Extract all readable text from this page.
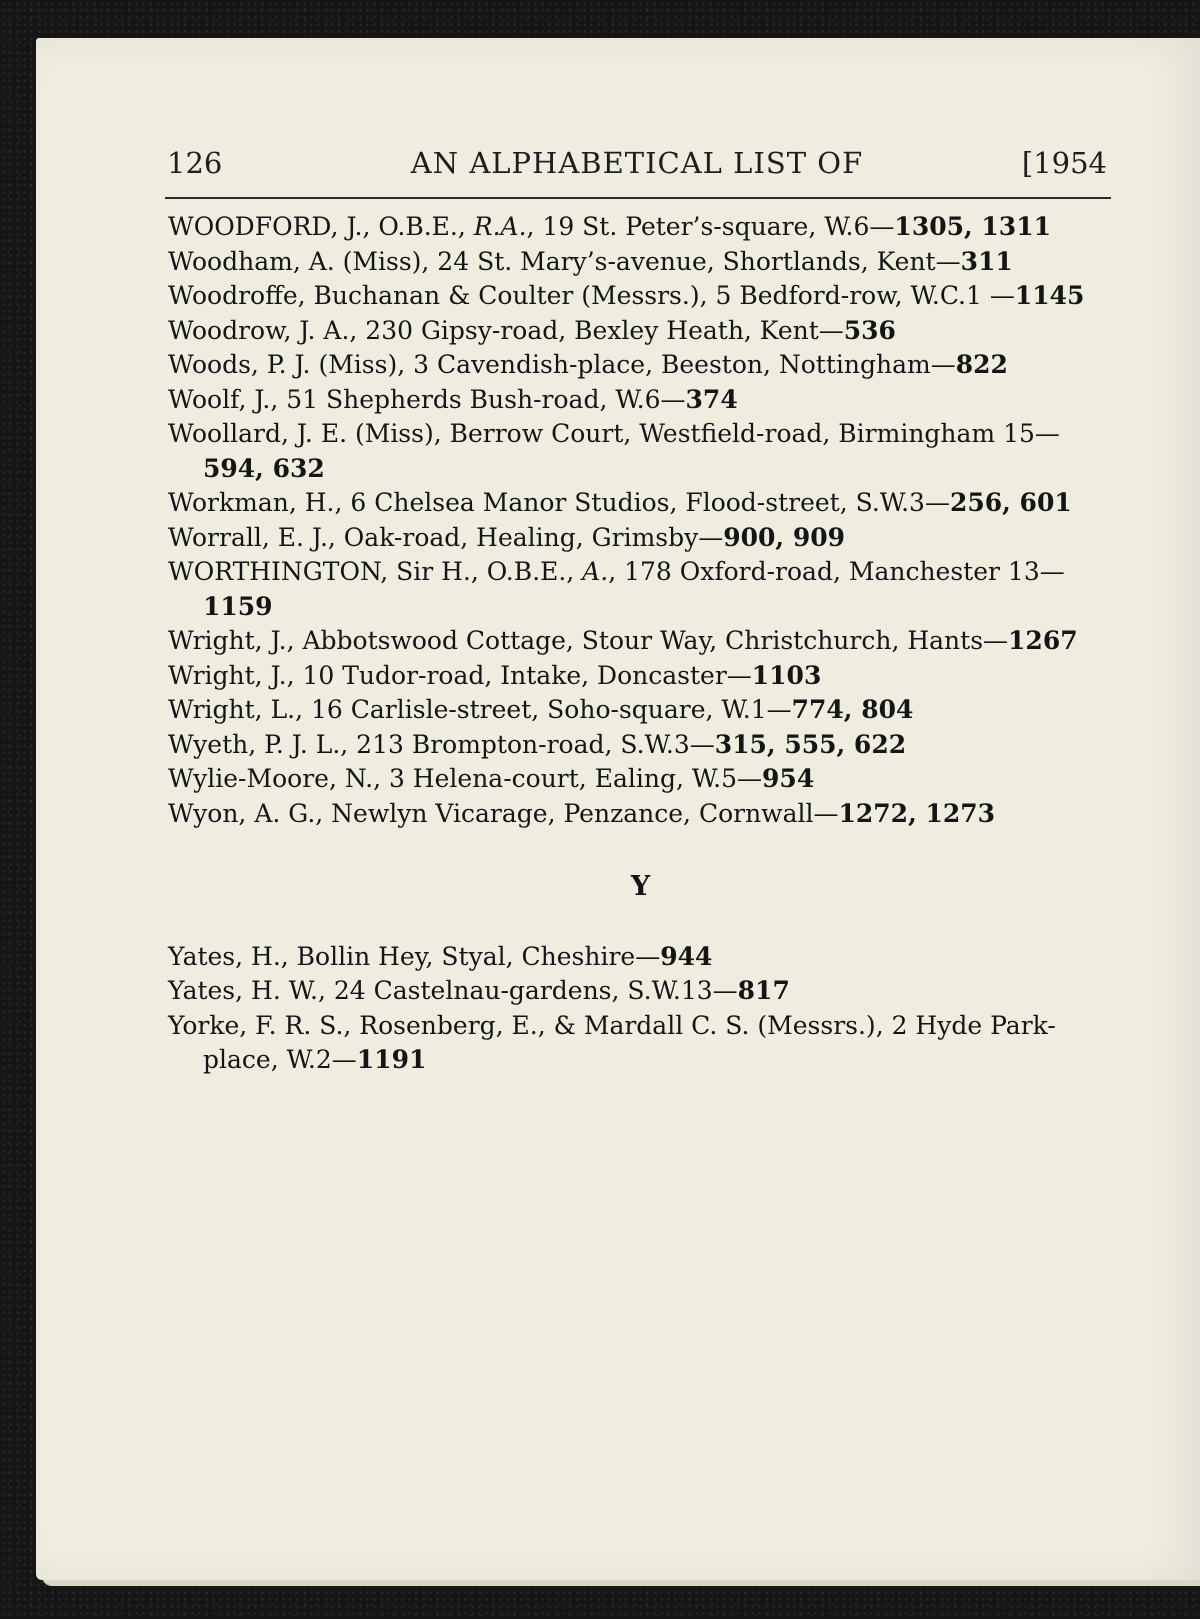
126	AN ALPHABETICAL LIST OF	[1954
WOODFORD, J., O.B.E., R.A., 19 St. Peter’s-square, W.6—1305, 1311
Woodham, A. (Miss), 24 St. Mary’s-avenue, Shortlands, Kent—311
Woodroffe, Buchanan & Coulter (Messrs.), 5 Bedford-row, W.C.1 —1145
Woodrow, J. A., 230 Gipsy-road, Bexley Heath, Kent—536
Woods, P. J. (Miss), 3 Cavendish-place, Beeston, Nottingham—822
Woolf, J., 51 Shepherds Bush-road, W.6—374
Woollard, J. E. (Miss), Berrow Court, Westfield-road, Birmingham 15—594, 632
Workman, H., 6 Chelsea Manor Studios, Flood-street, S.W.3—256, 601
Worrall, E. J., Oak-road, Healing, Grimsby—900, 909
WORTHINGTON, Sir H., O.B.E., A., 178 Oxford-road, Manchester 13—1159
Wright, J., Abbotswood Cottage, Stour Way, Christchurch, Hants—1267
Wright, J., 10 Tudor-road, Intake, Doncaster—1103
Wright, L., 16 Carlisle-street, Soho-square, W.1—774, 804
Wyeth, P. J. L., 213 Brompton-road, S.W.3—315, 555, 622
Wylie-Moore, N., 3 Helena-court, Ealing, W.5—954
Wyon, A. G., Newlyn Vicarage, Penzance, Cornwall—1272, 1273
Y
Yates, H., Bollin Hey, Styal, Cheshire—944
Yates, H. W., 24 Castelnau-gardens, S.W.13—817
Yorke, F. R. S., Rosenberg, E., & Mardall C. S. (Messrs.), 2 Hyde Park-place, W.2—1191
